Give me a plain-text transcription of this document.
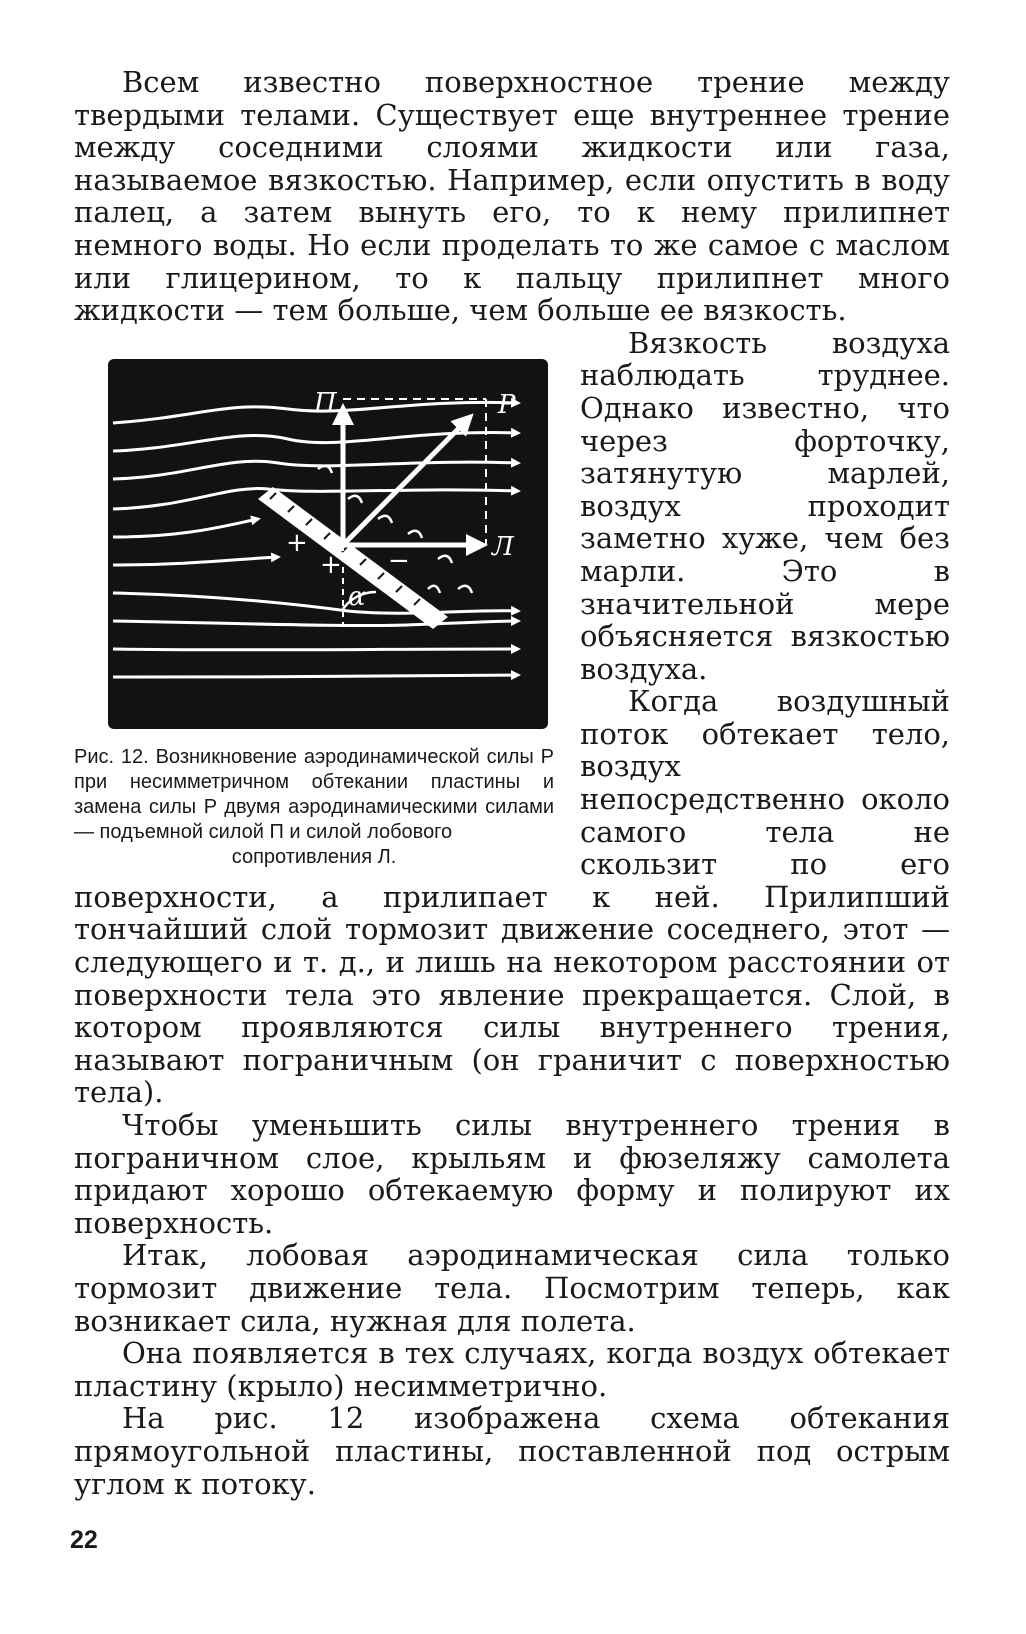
Всем известно поверхностное трение между твердыми телами. Существует еще внутреннее трение между соседними слоями жидкости или газа, называемое вязкостью. Например, если опустить в воду палец, а затем вынуть его, то к нему прилипнет немного воды. Но если проделать то же самое с маслом или глицерином, то к пальцу прилипнет много жидкости — тем больше, чем больше ее вязкость.

П	P
Л
α
+
+
−
−
Рис. 12. Возникновение аэродинамической силы P при несимметричном обтекании пластины и замена силы P двумя аэродинамическими силами — подъемной силой П и силой лобового
сопротивления Л.

Вязкость воздуха наблюдать труднее. Однако известно, что через форточку, затянутую марлей, воздух проходит заметно хуже, чем без марли. Это в значительной мере объясняется вязкостью воздуха.

Когда воздушный поток обтекает тело, воздух непосредственно около самого тела не скользит по его поверхности, а прилипает к ней. Прилипший тончайший слой тормозит движение соседнего, этот — следующего и т. д., и лишь на некотором расстоянии от поверхности тела это явление прекращается. Слой, в котором проявляются силы внутреннего трения, называют пограничным (он граничит с поверхностью тела).

Чтобы уменьшить силы внутреннего трения в пограничном слое, крыльям и фюзеляжу самолета придают хорошо обтекаемую форму и полируют их поверхность.

Итак, лобовая аэродинамическая сила только тормозит движение тела. Посмотрим теперь, как возникает сила, нужная для полета.

Она появляется в тех случаях, когда воздух обтекает пластину (крыло) несимметрично.

На рис. 12 изображена схема обтекания прямоугольной пластины, поставленной под острым углом к потоку.

22
